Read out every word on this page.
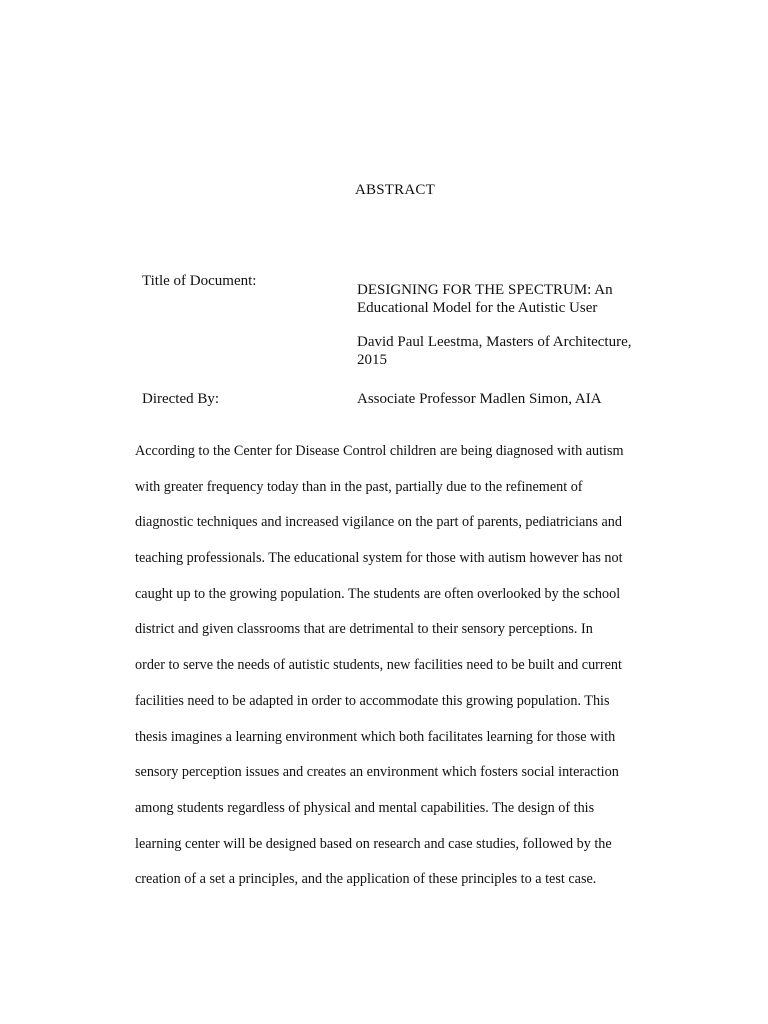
ABSTRACT
Title of Document:
DESIGNING FOR THE SPECTRUM: An
Educational Model for the Autistic User
David Paul Leestma, Masters of Architecture,
2015
Directed By:	Associate Professor Madlen Simon, AIA
According to the Center for Disease Control children are being diagnosed with autism
with greater frequency today than in the past, partially due to the refinement of
diagnostic techniques and increased vigilance on the part of parents, pediatricians and
teaching professionals. The educational system for those with autism however has not
caught up to the growing population. The students are often overlooked by the school
district and given classrooms that are detrimental to their sensory perceptions. In
order to serve the needs of autistic students, new facilities need to be built and current
facilities need to be adapted in order to accommodate this growing population. This
thesis imagines a learning environment which both facilitates learning for those with
sensory perception issues and creates an environment which fosters social interaction
among students regardless of physical and mental capabilities. The design of this
learning center will be designed based on research and case studies, followed by the
creation of a set a principles, and the application of these principles to a test case.
